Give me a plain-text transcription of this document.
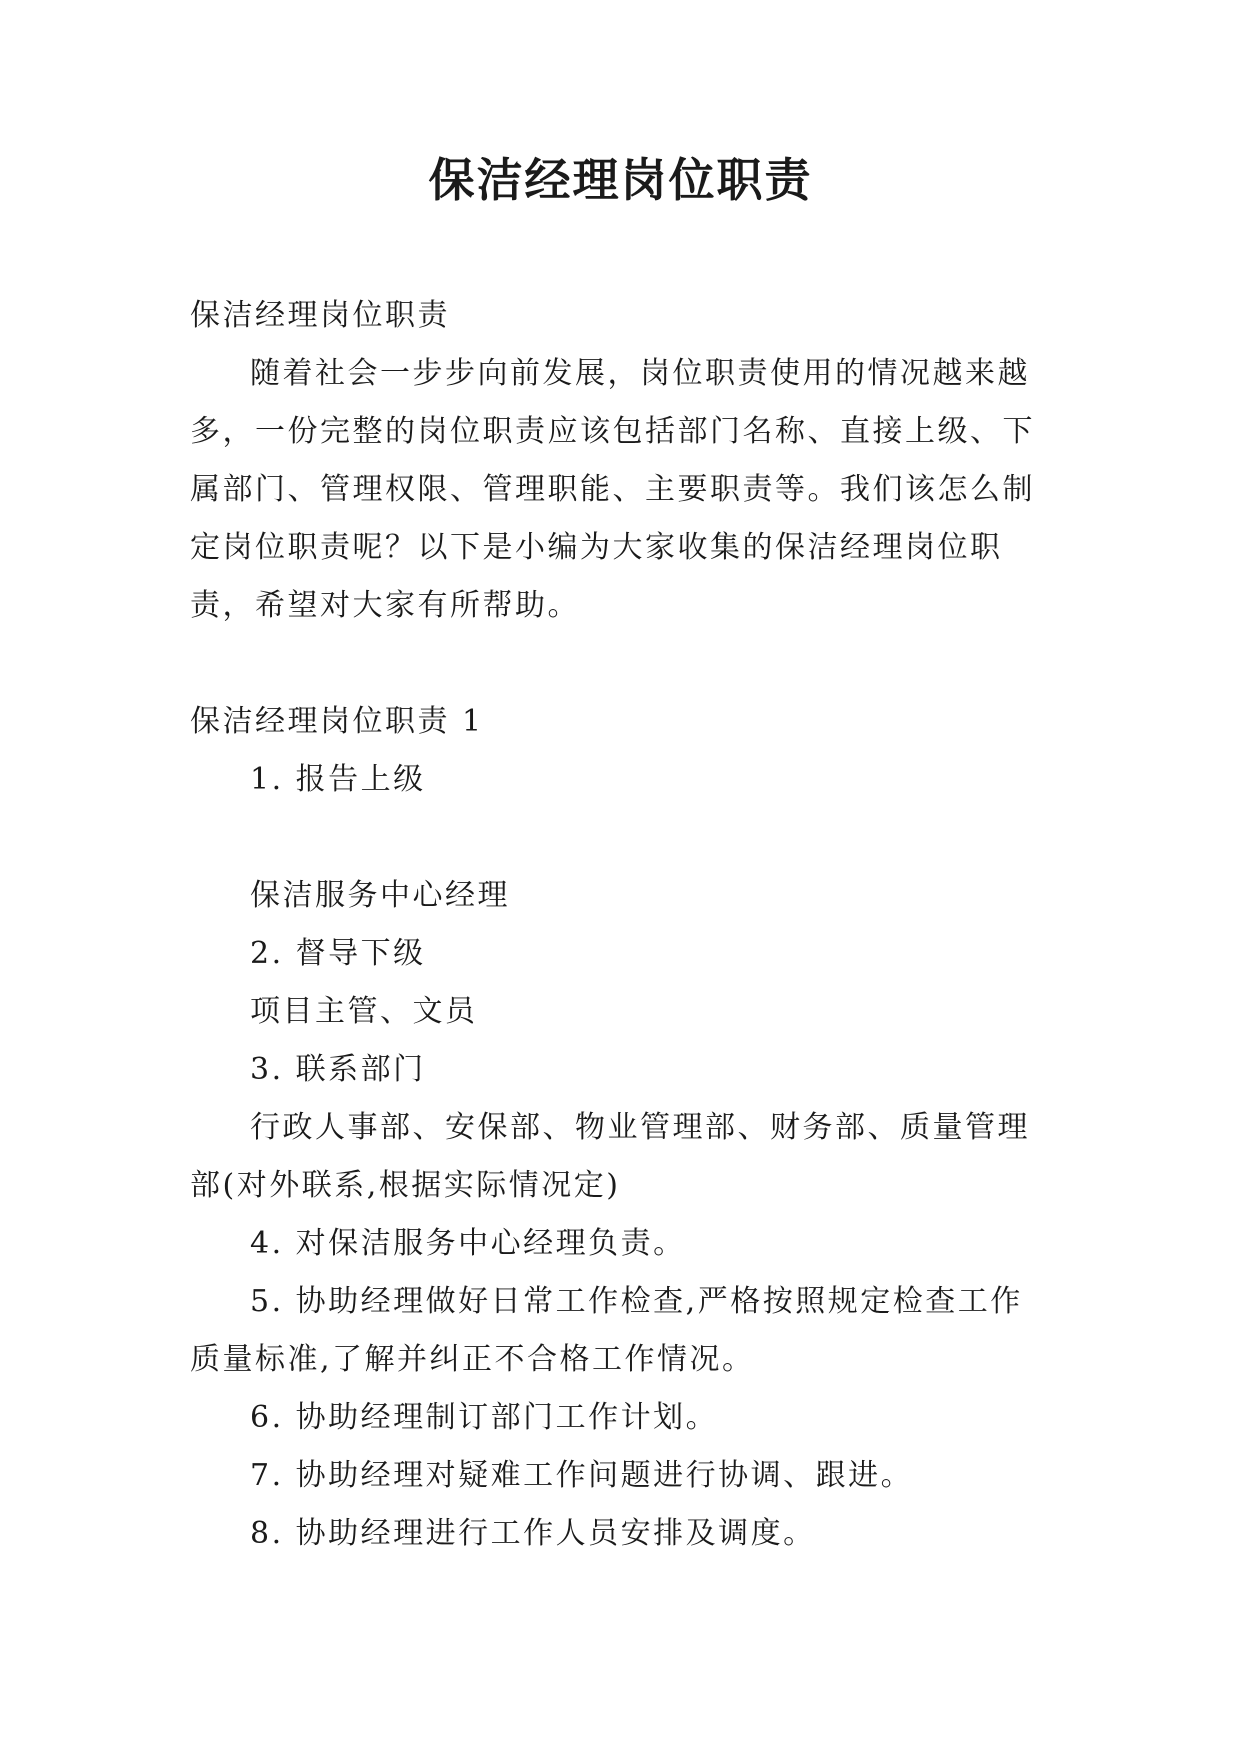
保洁经理岗位职责

保洁经理岗位职责

随着社会一步步向前发展，岗位职责使用的情况越来越多，一份完整的岗位职责应该包括部门名称、直接上级、下属部门、管理权限、管理职能、主要职责等。我们该怎么制定岗位职责呢？以下是小编为大家收集的保洁经理岗位职责，希望对大家有所帮助。

保洁经理岗位职责 1

1. 报告上级

保洁服务中心经理

2. 督导下级

项目主管、文员

3. 联系部门

行政人事部、安保部、物业管理部、财务部、质量管理部(对外联系,根据实际情况定)

4. 对保洁服务中心经理负责。

5. 协助经理做好日常工作检查,严格按照规定检查工作质量标准,了解并纠正不合格工作情况。

6. 协助经理制订部门工作计划。

7. 协助经理对疑难工作问题进行协调、跟进。

8. 协助经理进行工作人员安排及调度。
